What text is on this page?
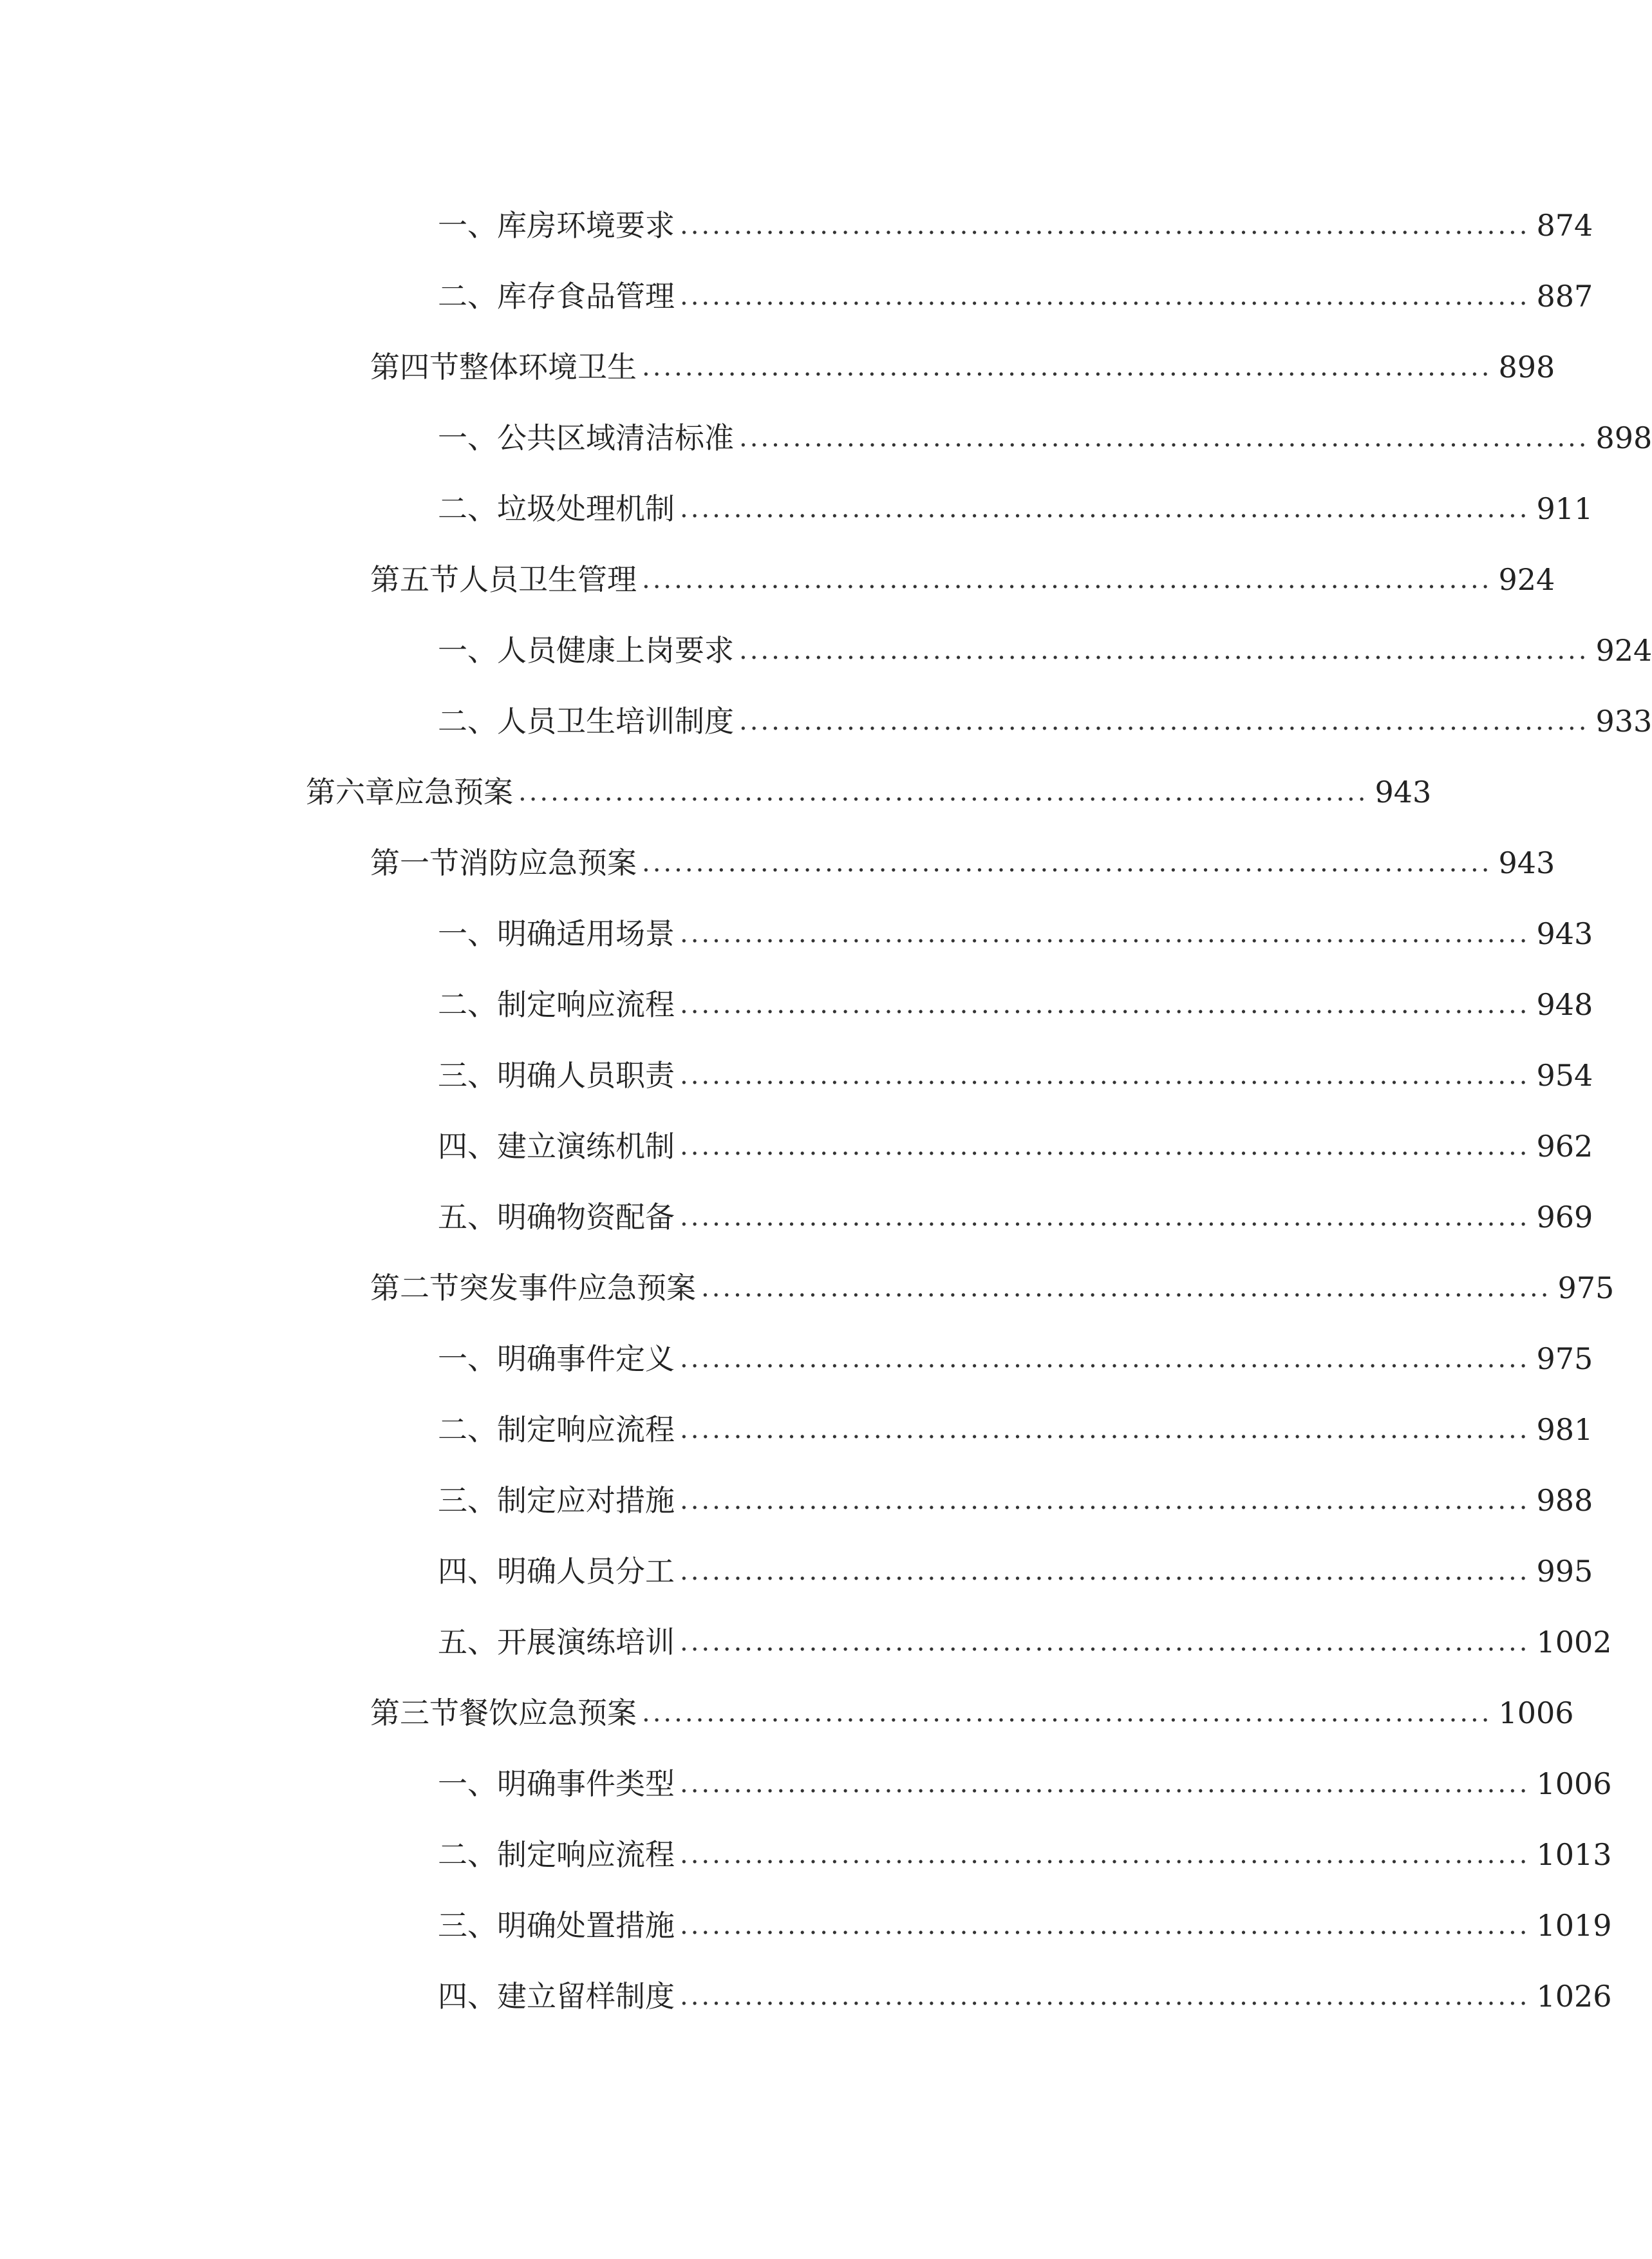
一、 库房环境要求 ............................................................................... 874
二、 库存食品管理 ............................................................................... 887
第四节 整体环境卫生 ............................................................................... 898
一、 公共区域清洁标准 ............................................................................... 898
二、 垃圾处理机制 ............................................................................... 911
第五节 人员卫生管理 ............................................................................... 924
一、 人员健康上岗要求 ............................................................................... 924
二、 人员卫生培训制度 ............................................................................... 933
第六章 应急预案 ............................................................................... 943
第一节 消防应急预案 ............................................................................... 943
一、 明确适用场景 ............................................................................... 943
二、 制定响应流程 ............................................................................... 948
三、 明确人员职责 ............................................................................... 954
四、 建立演练机制 ............................................................................... 962
五、 明确物资配备 ............................................................................... 969
第二节 突发事件应急预案 ............................................................................... 975
一、 明确事件定义 ............................................................................... 975
二、 制定响应流程 ............................................................................... 981
三、 制定应对措施 ............................................................................... 988
四、 明确人员分工 ............................................................................... 995
五、 开展演练培训 ............................................................................... 1002
第三节 餐饮应急预案 ............................................................................... 1006
一、 明确事件类型 ............................................................................... 1006
二、 制定响应流程 ............................................................................... 1013
三、 明确处置措施 ............................................................................... 1019
四、 建立留样制度 ............................................................................... 1026
